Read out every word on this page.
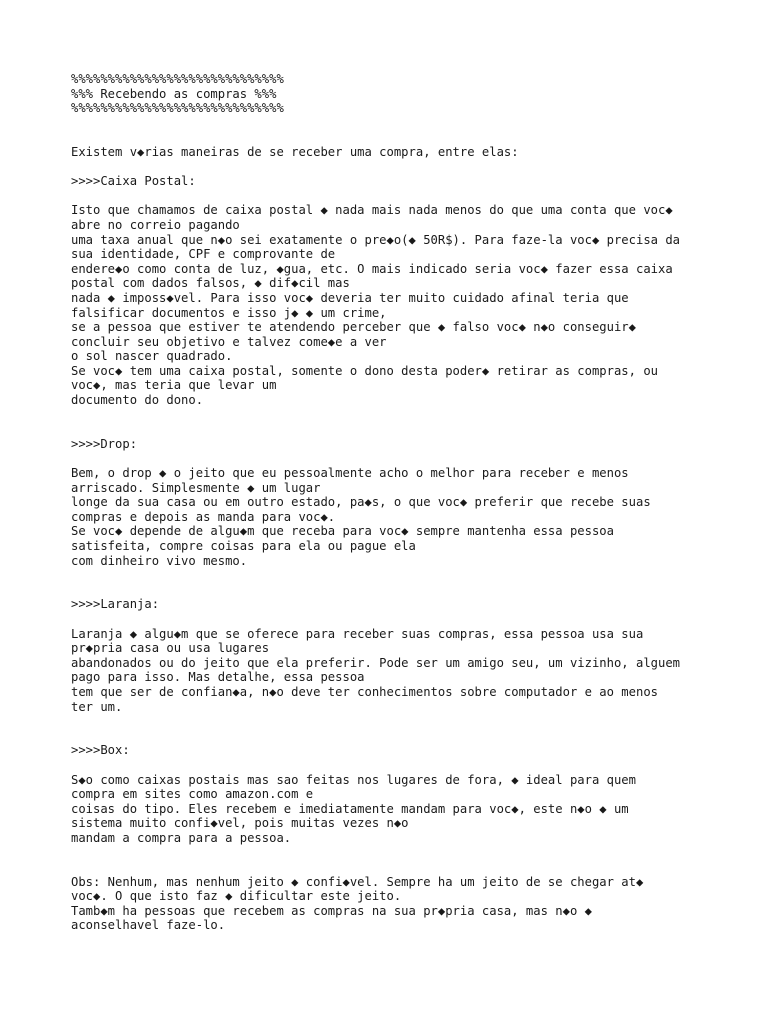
%%%%%%%%%%%%%%%%%%%%%%%%%%%%%
%%% Recebendo as compras %%%
%%%%%%%%%%%%%%%%%%%%%%%%%%%%%

Existem v◆rias maneiras de se receber uma compra, entre elas:

>>>>Caixa Postal:

Isto que chamamos de caixa postal ◆ nada mais nada menos do que uma conta que voc◆
abre no correio pagando
uma taxa anual que n◆o sei exatamente o pre◆o(◆ 50R$). Para faze-la voc◆ precisa da
sua identidade, CPF e comprovante de
endere◆o como conta de luz, ◆gua, etc. O mais indicado seria voc◆ fazer essa caixa
postal com dados falsos, ◆ dif◆cil mas
nada ◆ imposs◆vel. Para isso voc◆ deveria ter muito cuidado afinal teria que
falsificar documentos e isso j◆ ◆ um crime,
se a pessoa que estiver te atendendo perceber que ◆ falso voc◆ n◆o conseguir◆
concluir seu objetivo e talvez come◆e a ver
o sol nascer quadrado.
Se voc◆ tem uma caixa postal, somente o dono desta poder◆ retirar as compras, ou
voc◆, mas teria que levar um
documento do dono.

>>>>Drop:

Bem, o drop ◆ o jeito que eu pessoalmente acho o melhor para receber e menos
arriscado. Simplesmente ◆ um lugar
longe da sua casa ou em outro estado, pa◆s, o que voc◆ preferir que recebe suas
compras e depois as manda para voc◆.
Se voc◆ depende de algu◆m que receba para voc◆ sempre mantenha essa pessoa
satisfeita, compre coisas para ela ou pague ela
com dinheiro vivo mesmo.

>>>>Laranja:

Laranja ◆ algu◆m que se oferece para receber suas compras, essa pessoa usa sua
pr◆pria casa ou usa lugares
abandonados ou do jeito que ela preferir. Pode ser um amigo seu, um vizinho, alguem
pago para isso. Mas detalhe, essa pessoa
tem que ser de confian◆a, n◆o deve ter conhecimentos sobre computador e ao menos
ter um.

>>>>Box:

S◆o como caixas postais mas sao feitas nos lugares de fora, ◆ ideal para quem
compra em sites como amazon.com e
coisas do tipo. Eles recebem e imediatamente mandam para voc◆, este n◆o ◆ um
sistema muito confi◆vel, pois muitas vezes n◆o
mandam a compra para a pessoa.

Obs: Nenhum, mas nenhum jeito ◆ confi◆vel. Sempre ha um jeito de se chegar at◆
voc◆. O que isto faz ◆ dificultar este jeito.
Tamb◆m ha pessoas que recebem as compras na sua pr◆pria casa, mas n◆o ◆
aconselhavel faze-lo.
